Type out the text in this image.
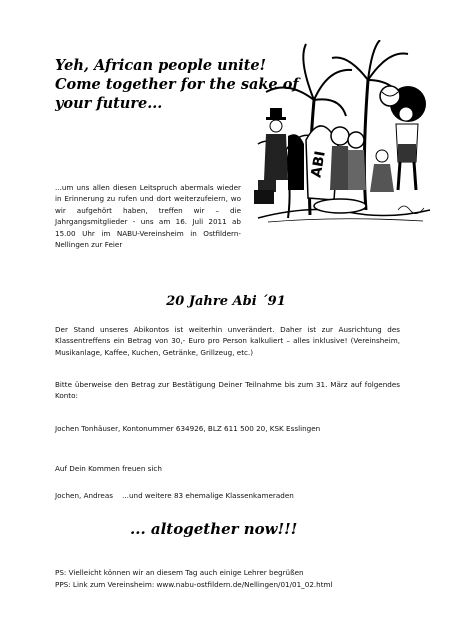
Yeh, African people unite!
Come together for the sake of
your future...
ABI
...um uns allen diesen Leitspruch abermals wieder in Erinnerung zu rufen und dort weiterzufeiern, wo wir aufgehört haben, treffen wir – die Jahrgangsmitglieder - uns am 16. Juli 2011 ab 15.00 Uhr im NABU-Vereinsheim in Ostfildern-Nellingen zur Feier
20 Jahre Abi ´91
Der Stand unseres Abikontos ist weiterhin unverändert. Daher ist zur Ausrichtung des Klassentreffens ein Betrag von 30,- Euro pro Person kalkuliert – alles inklusive! (Vereinsheim, Musikanlage, Kaffee, Kuchen, Getränke, Grillzeug, etc.)
Bitte überweise den Betrag zur Bestätigung Deiner Teilnahme bis zum 31. März auf folgendes Konto:
Jochen Tonhäuser, Kontonummer 634926, BLZ 611 500 20, KSK Esslingen
Auf Dein Kommen freuen sich
Jochen, Andreas    ...und weitere 83 ehemalige Klassenkameraden
... altogether now!!!
PS: Vielleicht können wir an diesem Tag auch einige Lehrer begrüßen
PPS: Link zum Vereinsheim: www.nabu-ostfildern.de/Nellingen/01/01_02.html
